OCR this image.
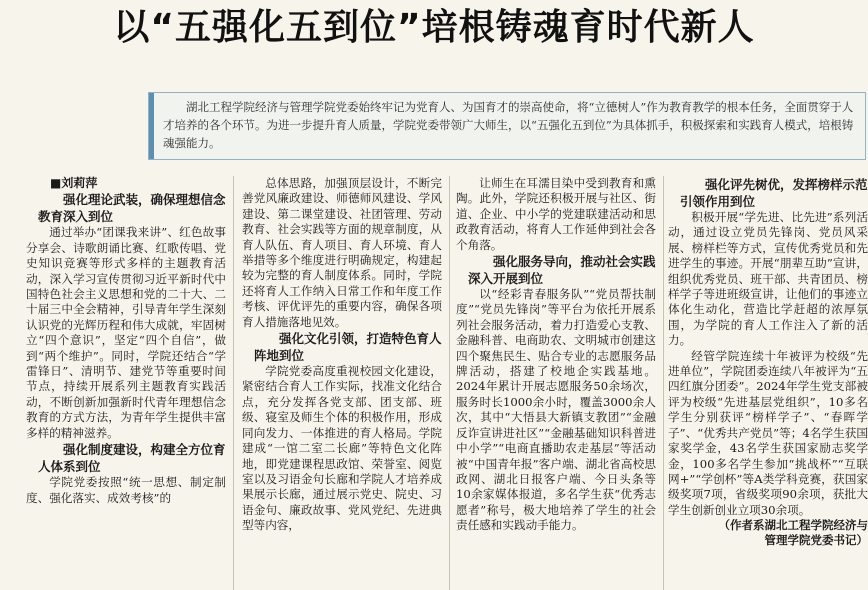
以“五强化五到位”培根铸魂育时代新人
湖北工程学院经济与管理学院党委始终牢记为党育人、为国育才的崇高使命，将“立德树人”作为教育教学的根本任务，全面贯穿于人才培养的各个环节。为进一步提升育人质量，学院党委带领广大师生，以“五强化五到位”为具体抓手，积极探索和实践育人模式，培根铸魂强能力。

■刘莉萍

强化理论武装，确保理想信念教育深入到位

通过举办“团课我来讲”、红色故事分享会、诗歌朗诵比赛、红歌传唱、党史知识竞赛等形式多样的主题教育活动，深入学习宣传贯彻习近平新时代中国特色社会主义思想和党的二十大、二十届三中全会精神，引导青年学生深刻认识党的光辉历程和伟大成就，牢固树立“四个意识”，坚定“四个自信”，做到“两个维护”。同时，学院还结合“学雷锋日”、清明节、建党节等重要时间节点，持续开展系列主题教育实践活动，不断创新加强新时代青年理想信念教育的方式方法，为青年学生提供丰富多样的精神滋养。

强化制度建设，构建全方位育人体系到位

学院党委按照“统一思想、制定制度、强化落实、成效考核”的

总体思路，加强顶层设计，不断完善党风廉政建设、师德师风建设、学风建设、第二课堂建设、社团管理、劳动教育、社会实践等方面的规章制度，从育人队伍、育人项目、育人环境、育人举措等多个维度进行明确规定，构建起较为完整的育人制度体系。同时，学院还将育人工作纳入日常工作和年度工作考核、评优评先的重要内容，确保各项育人措施落地见效。

强化文化引领，打造特色育人阵地到位

学院党委高度重视校园文化建设，紧密结合育人工作实际，找准文化结合点，充分发挥各党支部、团支部、班级、寝室及师生个体的积极作用，形成同向发力、一体推进的育人格局。学院建成“一馆二室二长廊”等特色文化阵地，即党建课程思政馆、荣誉室、阅览室以及习语金句长廊和学院人才培养成果展示长廊，通过展示党史、院史、习语金句、廉政故事、党风党纪、先进典型等内容，

让师生在耳濡目染中受到教育和熏陶。此外，学院还积极开展与社区、街道、企业、中小学的党建联建活动和思政教育活动，将育人工作延伸到社会各个角落。

强化服务导向，推动社会实践深入开展到位

以“经彩青春服务队”“党员帮扶制度”“党员先锋岗”等平台为依托开展系列社会服务活动，着力打造爱心支教、金融科普、电商助农、文明城市创建这四个聚焦民生、贴合专业的志愿服务品牌活动，搭建了校地企实践基地。2024年累计开展志愿服务50余场次，服务时长1000余小时，覆盖3000余人次，其中“大悟县大新镇支教团”“金融反诈宣讲进社区”“金融基础知识科普进中小学”“电商直播助农走基层”等活动被“中国青年报”客户端、湖北省高校思政网、湖北日报客户端、今日头条等10余家媒体报道，多名学生获“优秀志愿者”称号，极大地培养了学生的社会责任感和实践动手能力。

强化评先树优，发挥榜样示范引领作用到位

积极开展“学先进、比先进”系列活动，通过设立党员先锋岗、党员风采展、榜样栏等方式，宣传优秀党员和先进学生的事迹。开展“朋辈互助”宣讲，组织优秀党员、班干部、共青团员、榜样学子等进班级宣讲，让他们的事迹立体化生动化，营造比学赶超的浓厚氛围，为学院的育人工作注入了新的活力。

经管学院连续十年被评为校级“先进单位”，学院团委连续八年被评为“五四红旗分团委”。2024年学生党支部被评为校级“先进基层党组织”，10多名学生分别获评“榜样学子”、“春晖学子”、“优秀共产党员”等；4名学生获国家奖学金，43名学生获国家励志奖学金，100多名学生参加“挑战杯”“互联网+”“学创杯”等A类学科竞赛，获国家级奖项7项，省级奖项90余项，获批大学生创新创业立项30余项。

（作者系湖北工程学院经济与管理学院党委书记）
